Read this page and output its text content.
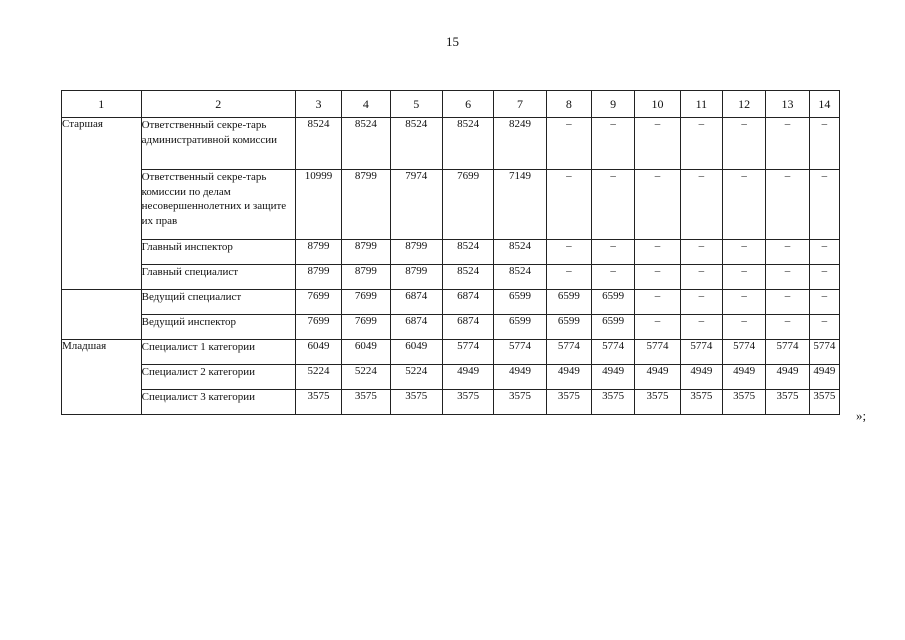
15
1	2	3	4	5	6	7	8	9	10	11	12	13	14
Старшая	Ответственный секре-тарь административной комиссии	8524	8524	8524	8524	8249	–	–	–	–	–	–	–
	Ответственный секре-тарь комиссии по делам несовершеннолетних и защите их прав	10999	8799	7974	7699	7149	–	–	–	–	–	–	–
	Главный инспектор	8799	8799	8799	8524	8524	–	–	–	–	–	–	–
	Главный специалист	8799	8799	8799	8524	8524	–	–	–	–	–	–	–
	Ведущий специалист	7699	7699	6874	6874	6599	6599	6599	–	–	–	–	–
	Ведущий инспектор	7699	7699	6874	6874	6599	6599	6599	–	–	–	–	–
Младшая	Специалист 1 категории	6049	6049	6049	5774	5774	5774	5774	5774	5774	5774	5774	5774
	Специалист 2 категории	5224	5224	5224	4949	4949	4949	4949	4949	4949	4949	4949	4949
	Специалист 3 категории	3575	3575	3575	3575	3575	3575	3575	3575	3575	3575	3575	3575
»;
